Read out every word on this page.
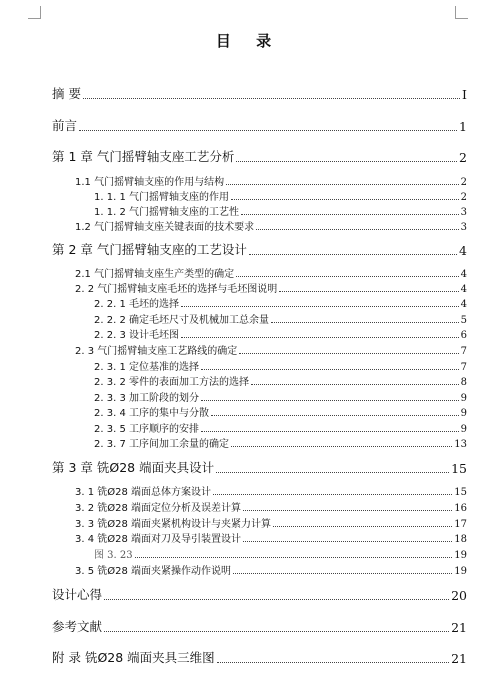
目 录
摘 要	I
前言	1
第 1 章 气门摇臂轴支座工艺分析	2
1.1 气门摇臂轴支座的作用与结构	2
1. 1. 1 气门摇臂轴支座的作用	2
1. 1. 2 气门摇臂轴支座的工艺性	3
1.2 气门摇臂轴支座关键表面的技术要求	3
第 2 章 气门摇臂轴支座的工艺设计	4
2.1 气门摇臂轴支座生产类型的确定	4
2. 2 气门摇臂轴支座毛坯的选择与毛坯图说明	4
2. 2. 1 毛坯的选择	4
2. 2. 2 确定毛坯尺寸及机械加工总余量	5
2. 2. 3 设计毛坯图	6
2. 3 气门摇臂轴支座工艺路线的确定	7
2. 3. 1 定位基准的选择	7
2. 3. 2 零件的表面加工方法的选择	8
2. 3. 3 加工阶段的划分	9
2. 3. 4 工序的集中与分散	9
2. 3. 5 工序顺序的安排	9
2. 3. 7 工序间加工余量的确定	13
第 3 章 铣Ø28 端面夹具设计	15
3. 1 铣Ø28 端面总体方案设计	15
3. 2 铣Ø28 端面定位分析及误差计算	16
3. 3 铣Ø28 端面夹紧机构设计与夹紧力计算	17
3. 4 铣Ø28 端面对刀及导引装置设计	18
图 3. 23	19
3. 5 铣Ø28 端面夹紧操作动作说明	19
设计心得	20
参考文献	21
附 录 铣Ø28 端面夹具三维图	21
